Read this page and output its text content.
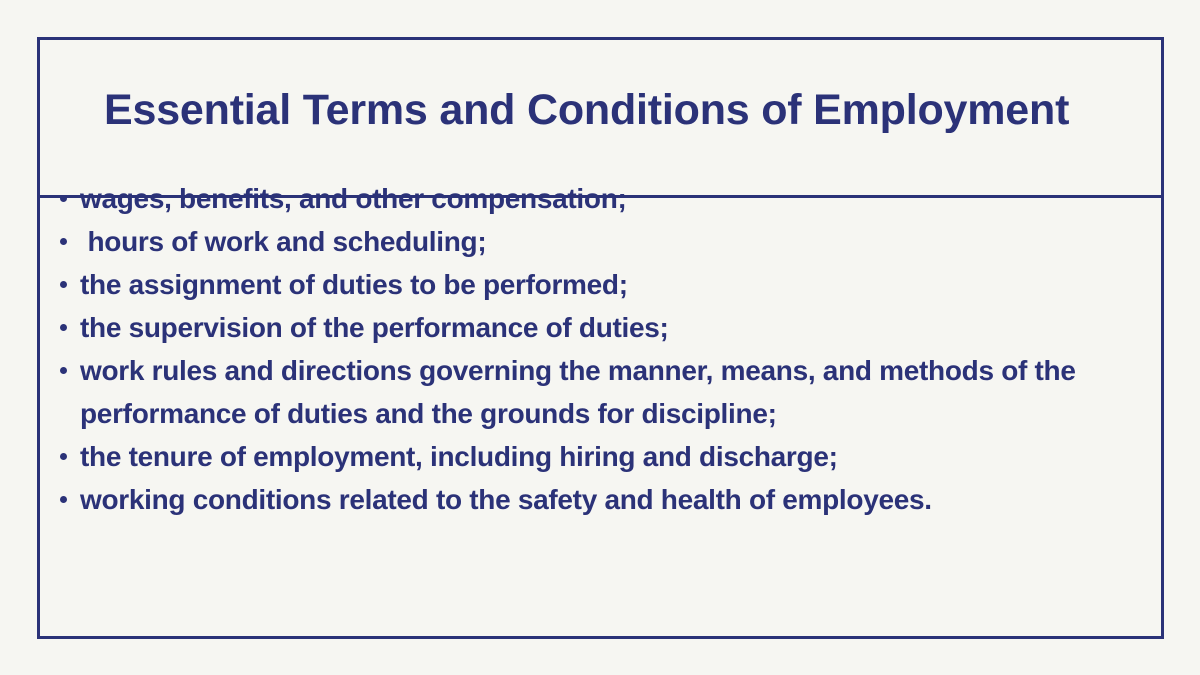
Essential Terms and Conditions of Employment
wages, benefits, and other compensation;
hours of work and scheduling;
the assignment of duties to be performed;
the supervision of the performance of duties;
work rules and directions governing the manner, means, and methods of the performance of duties and the grounds for discipline;
the tenure of employment, including hiring and discharge;
working conditions related to the safety and health of employees.
